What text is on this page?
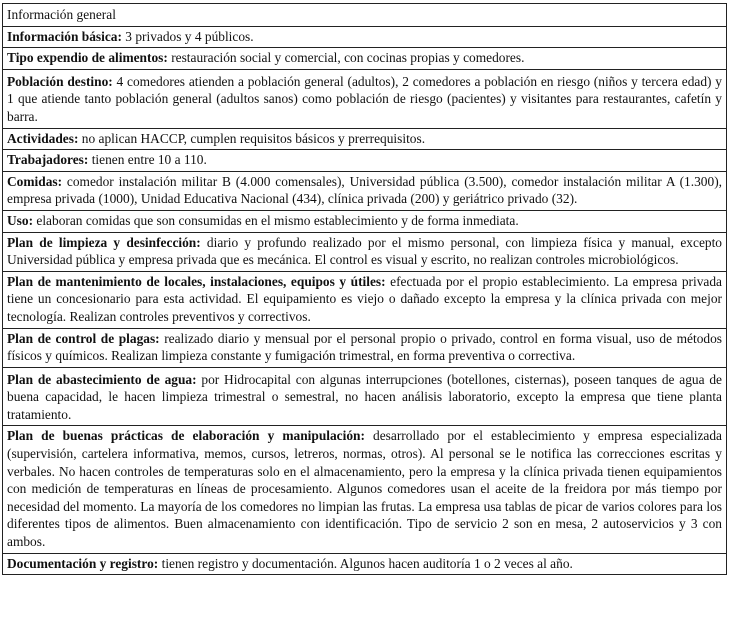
Información general
Información básica: 3 privados y 4 públicos.
Tipo expendio de alimentos: restauración social y comercial, con cocinas propias y comedores.
Población destino: 4 comedores atienden a población general (adultos), 2 comedores a población en riesgo (niños y tercera edad) y 1 que atiende tanto población general (adultos sanos) como población de riesgo (pacientes) y visitantes para restaurantes, cafetín y barra.
Actividades: no aplican HACCP, cumplen requisitos básicos y prerrequisitos.
Trabajadores: tienen entre 10 a 110.
Comidas: comedor instalación militar B (4.000 comensales), Universidad pública (3.500), comedor instalación militar A (1.300), empresa privada (1000), Unidad Educativa Nacional (434), clínica privada (200) y geriátrico privado (32).
Uso: elaboran comidas que son consumidas en el mismo establecimiento y de forma inmediata.
Plan de limpieza y desinfección: diario y profundo realizado por el mismo personal, con limpieza física y manual, excepto Universidad pública y empresa privada que es mecánica. El control es visual y escrito, no realizan controles microbiológicos.
Plan de mantenimiento de locales, instalaciones, equipos y útiles: efectuada por el propio establecimiento. La empresa privada tiene un concesionario para esta actividad. El equipamiento es viejo o dañado excepto la empresa y la clínica privada con mejor tecnología. Realizan controles preventivos y correctivos.
Plan de control de plagas: realizado diario y mensual por el personal propio o privado, control en forma visual, uso de métodos físicos y químicos. Realizan limpieza constante y fumigación trimestral, en forma preventiva o correctiva.
Plan de abastecimiento de agua: por Hidrocapital con algunas interrupciones (botellones, cisternas), poseen tanques de agua de buena capacidad, le hacen limpieza trimestral o semestral, no hacen análisis laboratorio, excepto la empresa que tiene planta tratamiento.
Plan de buenas prácticas de elaboración y manipulación: desarrollado por el establecimiento y empresa especializada (supervisión, cartelera informativa, memos, cursos, letreros, normas, otros). Al personal se le notifica las correcciones escritas y verbales. No hacen controles de temperaturas solo en el almacenamiento, pero la empresa y la clínica privada tienen equipamientos con medición de temperaturas en líneas de procesamiento. Algunos comedores usan el aceite de la freidora por más tiempo por necesidad del momento. La mayoría de los comedores no limpian las frutas. La empresa usa tablas de picar de varios colores para los diferentes tipos de alimentos. Buen almacenamiento con identificación. Tipo de servicio 2 son en mesa, 2 autoservicios y 3 con ambos.
Documentación y registro: tienen registro y documentación. Algunos hacen auditoría 1 o 2 veces al año.
